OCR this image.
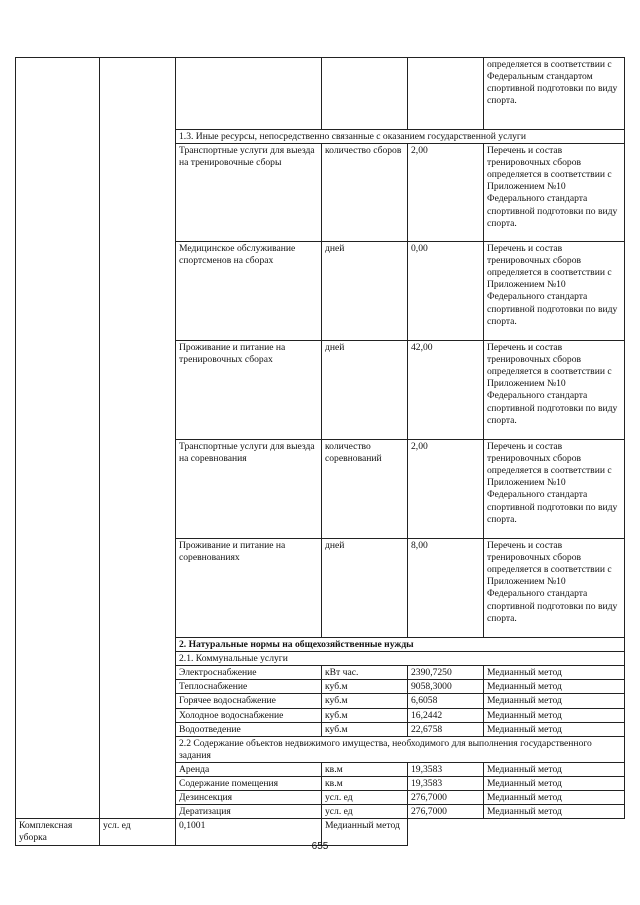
					определяется в соответствии с Федеральным стандартом спортивной подготовки по виду спорта.
		1.3. Иные ресурсы, непосредственно связанные с оказанием государственной услуги			
		Транспортные услуги для выезда на тренировочные сборы	количество сборов	2,00	Перечень и состав тренировочных сборов определяется в соответствии с Приложением №10 Федерального стандарта спортивной подготовки по виду спорта.
		Медицинское обслуживание спортсменов на сборах	дней	0,00	Перечень и состав тренировочных сборов определяется в соответствии с Приложением №10 Федерального стандарта спортивной подготовки по виду спорта.
		Проживание и питание на тренировочных сборах	дней	42,00	Перечень и состав тренировочных сборов определяется в соответствии с Приложением №10 Федерального стандарта спортивной подготовки по виду спорта.
		Транспортные услуги для выезда на соревнования	количество соревнований	2,00	Перечень и состав тренировочных сборов определяется в соответствии с Приложением №10 Федерального стандарта спортивной подготовки по виду спорта.
		Проживание и питание на соревнованиях	дней	8,00	Перечень и состав тренировочных сборов определяется в соответствии с Приложением №10 Федерального стандарта спортивной подготовки по виду спорта.
		2. Натуральные нормы на общехозяйственные нужды			
		2.1. Коммунальные услуги			
		Электроснабжение	кВт час.	2390,7250	Медианный метод
		Теплоснабжение	куб.м	9058,3000	Медианный метод
		Горячее водоснабжение	куб.м	6,6058	Медианный метод
		Холодное водоснабжение	куб.м	16,2442	Медианный метод
		Водоотведение	куб.м	22,6758	Медианный метод
		2.2 Содержание объектов недвижимого имущества, необходимого для выполнения государственного задания			
		Аренда	кв.м	19,3583	Медианный метод
		Содержание помещения	кв.м	19,3583	Медианный метод
		Дезинсекция	усл. ед	276,7000	Медианный метод
		Дератизация	усл. ед	276,7000	Медианный метод
Комплексная уборка	усл. ед	0,1001	Медианный метод		
655
